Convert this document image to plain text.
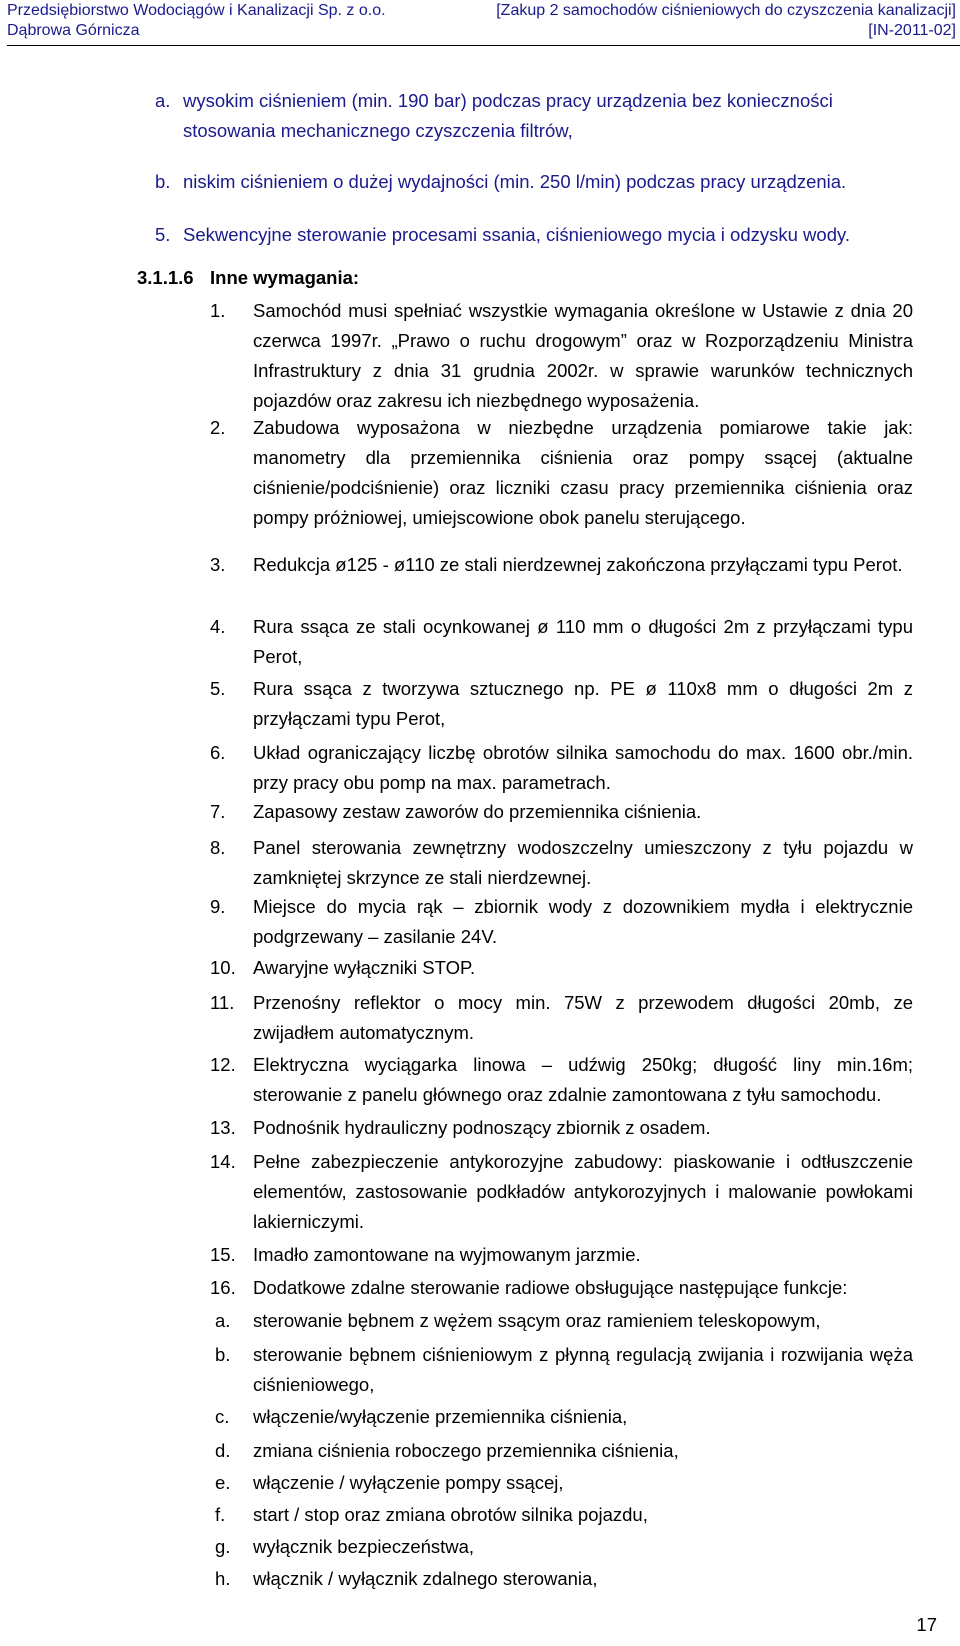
Przedsiębiorstwo Wodociągów i Kanalizacji Sp. z o.o.
Dąbrowa Górnicza
[Zakup 2 samochodów ciśnieniowych do czyszczenia kanalizacji]
[IN-2011-02]
a. wysokim ciśnieniem (min. 190 bar) podczas pracy urządzenia bez konieczności
stosowania mechanicznego czyszczenia filtrów,
b. niskim ciśnieniem o dużej wydajności (min. 250 l/min) podczas pracy urządzenia.
5. Sekwencyjne sterowanie procesami ssania, ciśnieniowego mycia i odzysku wody.
3.1.1.6 Inne wymagania:
1. Samochód musi spełniać wszystkie wymagania określone w Ustawie z dnia 20 czerwca 1997r. „Prawo o ruchu drogowym” oraz w Rozporządzeniu Ministra Infrastruktury z dnia 31 grudnia 2002r. w sprawie warunków technicznych pojazdów oraz zakresu ich niezbędnego wyposażenia.
2. Zabudowa wyposażona w niezbędne urządzenia pomiarowe takie jak: manometry dla przemiennika ciśnienia oraz pompy ssącej (aktualne ciśnienie/podciśnienie) oraz liczniki czasu pracy przemiennika ciśnienia oraz pompy próżniowej, umiejscowione obok panelu sterującego.
3. Redukcja ø125 - ø110 ze stali nierdzewnej zakończona przyłączami typu Perot.
4. Rura ssąca ze stali ocynkowanej ø 110 mm o długości 2m z przyłączami typu Perot,
5. Rura ssąca z tworzywa sztucznego np. PE ø 110x8 mm o długości 2m z przyłączami typu Perot,
6. Układ ograniczający liczbę obrotów silnika samochodu do max. 1600 obr./min. przy pracy obu pomp na max. parametrach.
7. Zapasowy zestaw zaworów do przemiennika ciśnienia.
8. Panel sterowania zewnętrzny wodoszczelny umieszczony z tyłu pojazdu w zamkniętej skrzynce ze stali nierdzewnej.
9. Miejsce do mycia rąk – zbiornik wody z dozownikiem mydła i elektrycznie podgrzewany – zasilanie 24V.
10. Awaryjne wyłączniki STOP.
11. Przenośny reflektor o mocy min. 75W z przewodem długości 20mb, ze zwijadłem automatycznym.
12. Elektryczna wyciągarka linowa – udźwig 250kg; długość liny min.16m; sterowanie z panelu głównego oraz zdalnie zamontowana z tyłu samochodu.
13. Podnośnik hydrauliczny podnoszący zbiornik z osadem.
14. Pełne zabezpieczenie antykorozyjne zabudowy: piaskowanie i odtłuszczenie elementów, zastosowanie podkładów antykorozyjnych i malowanie powłokami lakierniczymi.
15. Imadło zamontowane na wyjmowanym jarzmie.
16. Dodatkowe zdalne sterowanie radiowe obsługujące następujące funkcje:
a. sterowanie bębnem z wężem ssącym oraz ramieniem teleskopowym,
b. sterowanie bębnem ciśnieniowym z płynną regulacją zwijania i rozwijania węża ciśnieniowego,
c. włączenie/wyłączenie przemiennika ciśnienia,
d. zmiana ciśnienia roboczego przemiennika ciśnienia,
e. włączenie / wyłączenie pompy ssącej,
f. start / stop oraz zmiana obrotów silnika pojazdu,
g. wyłącznik bezpieczeństwa,
h. włącznik / wyłącznik zdalnego sterowania,
17
